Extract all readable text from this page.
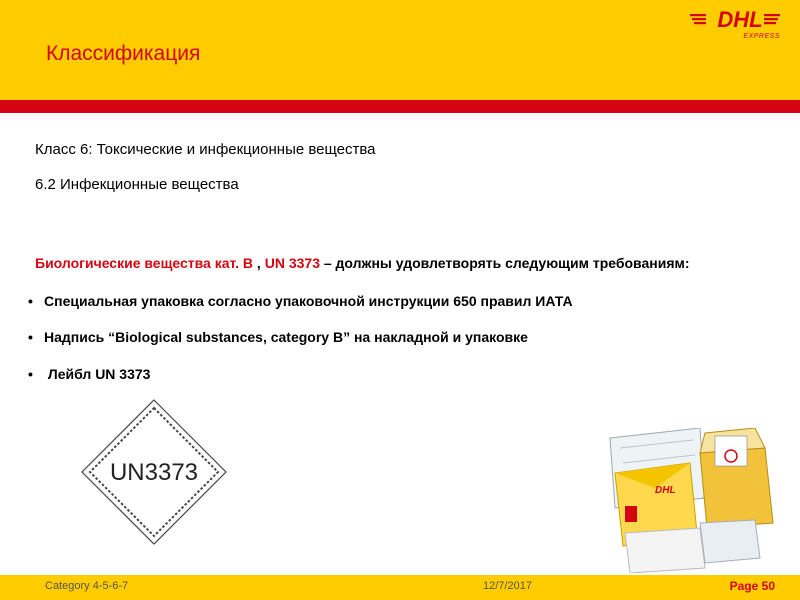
Классификация
DHL
EXPRESS
Класс 6: Токсические и инфекционные вещества
6.2 Инфекционные вещества
Биологические вещества кат. B , UN 3373 – должны удовлетворять следующим требованиям:
• Специальная упаковка согласно упаковочной инструкции 650 правил ИАТА
• Надпись “Biological substances, category B” на накладной и упаковке
• Лейбл UN 3373
UN3373
DHL
Category 4-5-6-7	12/7/2017	Page 50
